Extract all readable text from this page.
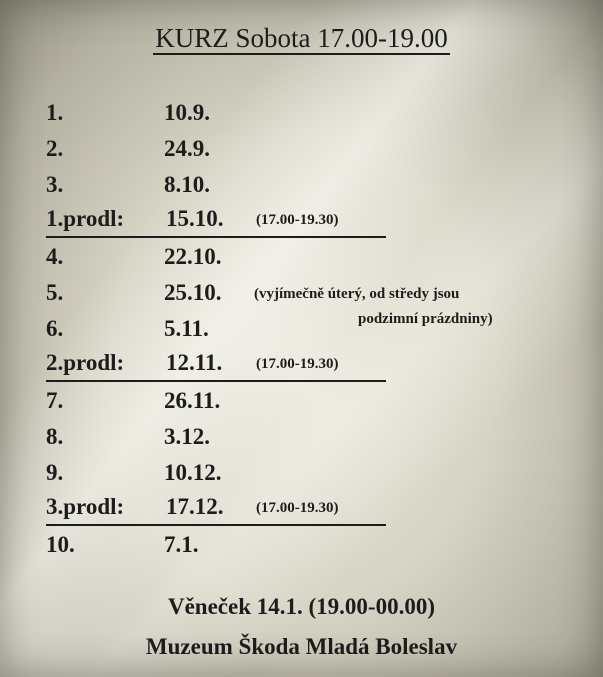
KURZ Sobota 17.00-19.00
1.	10.9.
2.	24.9.
3.	8.10.
1.prodl: 15.10. (17.00-19.30)
4.	22.10.
5.	25.10.
6.	5.11.
2.prodl: 12.11. (17.00-19.30)
7.	26.11.
8.	3.12.
9.	10.12.
3.prodl: 17.12. (17.00-19.30)
10.	7.1.
(vyjímečně úterý, od středy jsou
podzimní prázdniny)
Věneček 14.1. (19.00-00.00)
Muzeum Škoda Mladá Boleslav
